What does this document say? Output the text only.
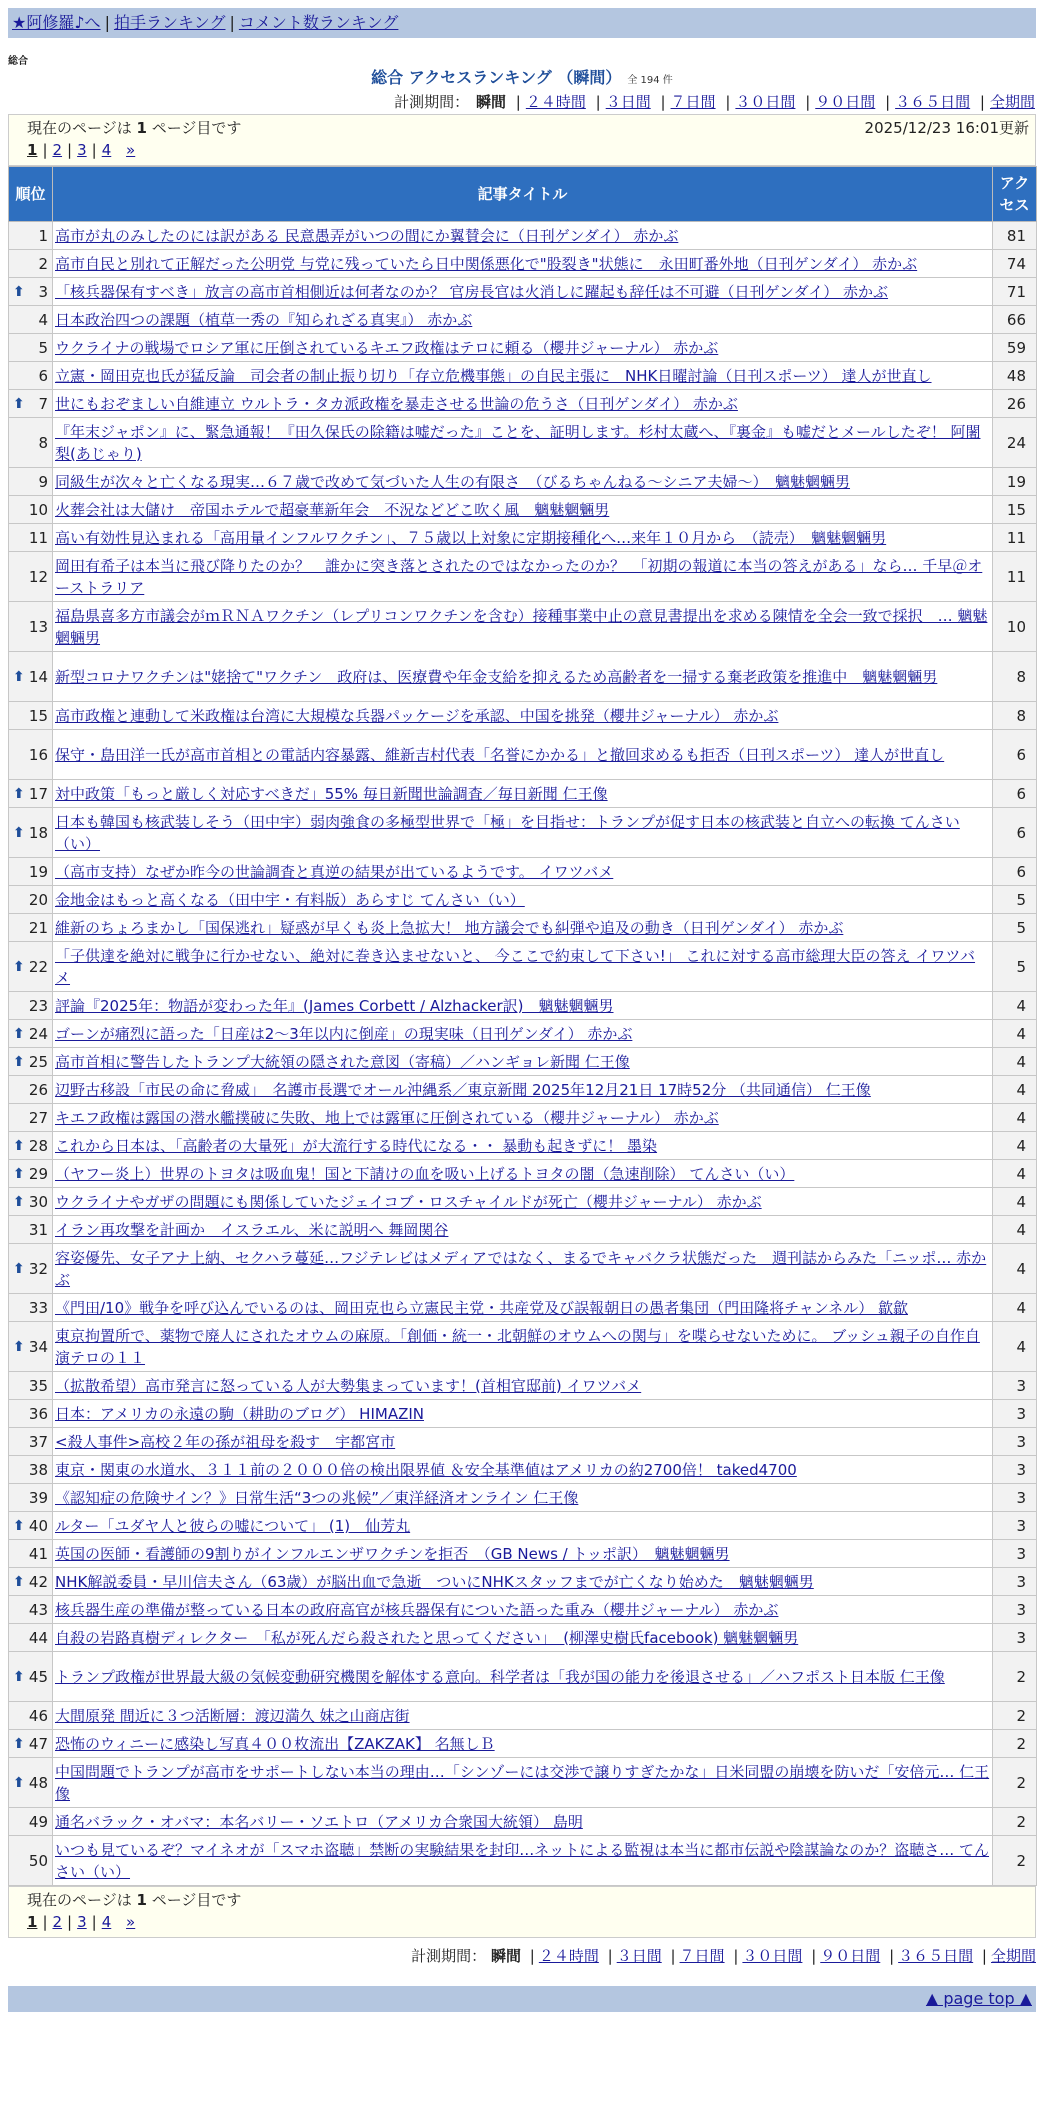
★阿修羅♪へ | 拍手ランキング | コメント数ランキング
総合
総合 アクセスランキング （瞬間） 全 194 件
計測期間： 瞬間 | ２４時間 | ３日間 | ７日間 | ３０日間 | ９０日間 | ３６５日間 | 全期間
現在のページは 1 ページ目です	2025/12/23 16:01更新
1 | 2 | 3 | 4 »
順位	記事タイトル	アクセス
1	高市が丸のみしたのには訳がある 民意愚弄がいつの間にか翼賛会に（日刊ゲンダイ） 赤かぶ	81
2	高市自民と別れて正解だった公明党 与党に残っていたら日中関係悪化で"股裂き"状態に　永田町番外地（日刊ゲンダイ） 赤かぶ	74

⬆ 3	「核兵器保有すべき」放言の高市首相側近は何者なのか？ 官房長官は火消しに躍起も辞任は不可避（日刊ゲンダイ） 赤かぶ	71
4	日本政治四つの課題（植草一秀の『知られざる真実』） 赤かぶ	66
5	ウクライナの戦場でロシア軍に圧倒されているキエフ政権はテロに頼る（櫻井ジャーナル） 赤かぶ	59
6	立憲・岡田克也氏が猛反論　司会者の制止振り切り「存立危機事態」の自民主張に　NHK日曜討論（日刊スポーツ） 達人が世直し	48

⬆ 7	世にもおぞましい自維連立 ウルトラ・タカ派政権を暴走させる世論の危うさ（日刊ゲンダイ） 赤かぶ	26
8	『年末ジャポン』に、緊急通報！『田久保氏の除籍は嘘だった』ことを、証明します。杉村太蔵へ、『裏金』も嘘だとメールしたぞ！ 阿闍梨(あじゃり)	24
9	同級生が次々と亡くなる現実…６７歳で改めて気づいた人生の有限さ　（びるちゃんねる〜シニア夫婦〜）　魑魅魍魎男	19
10	火葬会社は大儲け　帝国ホテルで超豪華新年会　不況などどこ吹く風　魑魅魍魎男	15
11	高い有効性見込まれる「高用量インフルワクチン」、７５歳以上対象に定期接種化へ…来年１０月から　（読売）　魑魅魍魎男	11
12	岡田有希子は本当に飛び降りたのか？　誰かに突き落とされたのではなかったのか？　「初期の報道に本当の答えがある」なら… 千早＠オーストラリア	11
13	福島県喜多方市議会がｍＲＮＡワクチン（レプリコンワクチンを含む）接種事業中止の意見書提出を求める陳情を全会一致で採択　… 魑魅魍魎男	10

⬆ 14	新型コロナワクチンは"姥捨て"ワクチン　政府は、医療費や年金支給を抑えるため高齢者を一掃する棄老政策を推進中　魑魅魍魎男	8
15	高市政権と連動して米政権は台湾に大規模な兵器パッケージを承認、中国を挑発（櫻井ジャーナル） 赤かぶ	8
16	保守・島田洋一氏が高市首相との電話内容暴露、維新吉村代表「名誉にかかる」と撤回求めるも拒否（日刊スポーツ） 達人が世直し	6

⬆ 17	対中政策「もっと厳しく対応すべきだ」55% 毎日新聞世論調査／毎日新聞 仁王像	6

⬆ 18	日本も韓国も核武装しそう（田中宇）弱肉強食の多極型世界で「極」を目指せ：トランプが促す日本の核武装と自立への転換 てんさい（い）	6
19	（高市支持）なぜか昨今の世論調査と真逆の結果が出ているようです。 イワツバメ	6
20	金地金はもっと高くなる（田中宇・有料版）あらすじ てんさい（い）	5
21	維新のちょろまかし「国保逃れ」疑惑が早くも炎上急拡大！ 地方議会でも糾弾や追及の動き（日刊ゲンダイ） 赤かぶ	5

⬆ 22	「子供達を絶対に戦争に行かせない、絶対に巻き込ませないと、 今ここで約束して下さい!」 これに対する高市総理大臣の答え イワツバメ	5
23	評論『2025年：物語が変わった年』(James Corbett / Alzhacker訳)　魑魅魍魎男	4

⬆ 24	ゴーンが痛烈に語った「日産は2〜3年以内に倒産」の現実味（日刊ゲンダイ） 赤かぶ	4

⬆ 25	高市首相に警告したトランプ大統領の隠された意図（寄稿）／ハンギョレ新聞 仁王像	4
26	辺野古移設「市民の命に脅威」　名護市長選でオール沖縄系／東京新聞 2025年12月21日 17時52分 （共同通信） 仁王像	4
27	キエフ政権は露国の潜水艦撲破に失敗、地上では露軍に圧倒されている（櫻井ジャーナル） 赤かぶ	4

⬆ 28	これから日本は、「高齢者の大量死」が大流行する時代になる・・ 暴動も起きずに！ 墨染	4

⬆ 29	（ヤフー炎上）世界のトヨタは吸血鬼！国と下請けの血を吸い上げるトヨタの闇（急速削除） てんさい（い）	4

⬆ 30	ウクライナやガザの問題にも関係していたジェイコブ・ロスチャイルドが死亡（櫻井ジャーナル） 赤かぶ	4
31	イラン再攻撃を計画か　イスラエル、米に説明へ 舞岡関谷	4

⬆ 32	容姿優先、女子アナ上納、セクハラ蔓延…フジテレビはメディアではなく、まるでキャバクラ状態だった　週刊誌からみた「ニッポ… 赤かぶ	4
33	《門田/10》戦争を呼び込んでいるのは、岡田克也ら立憲民主党・共産党及び誤報朝日の愚者集団（門田隆将チャンネル） 歙歙	4

⬆ 34	東京拘置所で、薬物で廃人にされたオウムの麻原。「創価・統一・北朝鮮のオウムへの関与」を喋らせないために。 ブッシュ親子の自作自演テロの１１	4
35	（拡散希望）高市発言に怒っている人が大勢集まっています！(首相官邸前) イワツバメ	3
36	日本：アメリカの永遠の駒（耕助のブログ） HIMAZIN	3
37	<殺人事件>高校２年の孫が祖母を殺す　宇都宮市	3
38	東京・関東の水道水、３１１前の２０００倍の検出限界値 ＆安全基準値はアメリカの約2700倍！ taked4700	3
39	《認知症の危険サイン？》日常生活“3つの兆候”／東洋経済オンライン 仁王像	3

⬆ 40	ルター「ユダヤ人と彼らの嘘について」 (1)　仙芳丸	3
41	英国の医師・看護師の9割りがインフルエンザワクチンを拒否　（GB News / トッポ訳）　魑魅魍魎男	3

⬆ 42	NHK解説委員・早川信夫さん（63歳）が脳出血で急逝　ついにNHKスタッフまでが亡くなり始めた　魑魅魍魎男	3
43	核兵器生産の準備が整っている日本の政府高官が核兵器保有についた語った重み（櫻井ジャーナル） 赤かぶ	3
44	自殺の岩路真樹ディレクター　「私が死んだら殺されたと思ってください」　(柳澤史樹氏facebook) 魑魅魍魎男	3

⬆ 45	トランプ政権が世界最大級の気候変動研究機関を解体する意向。科学者は「我が国の能力を後退させる」／ハフポスト日本版 仁王像	2
46	大間原発 間近に３つ活断層：渡辺満久 妹之山商店街	2

⬆ 47	恐怖のウィニーに感染し写真４００枚流出【ZAKZAK】 名無しＢ	2

⬆ 48	中国問題でトランプが高市をサポートしない本当の理由…「シンゾーには交渉で譲りすぎたかな」日米同盟の崩壊を防いだ「安倍元… 仁王像	2
49	通名バラック・オバマ：本名バリー・ソエトロ（アメリカ合衆国大統領） 島明	2
50	いつも見ているぞ？マイネオが「スマホ盗聴」禁断の実験結果を封印…ネットによる監視は本当に都市伝説や陰謀論なのか？盗聴さ… てんさい（い）	2
現在のページは 1 ページ目です
1 | 2 | 3 | 4 »
計測期間： 瞬間 | ２４時間 | ３日間 | ７日間 | ３０日間 | ９０日間 | ３６５日間 | 全期間
▲ page top ▲
